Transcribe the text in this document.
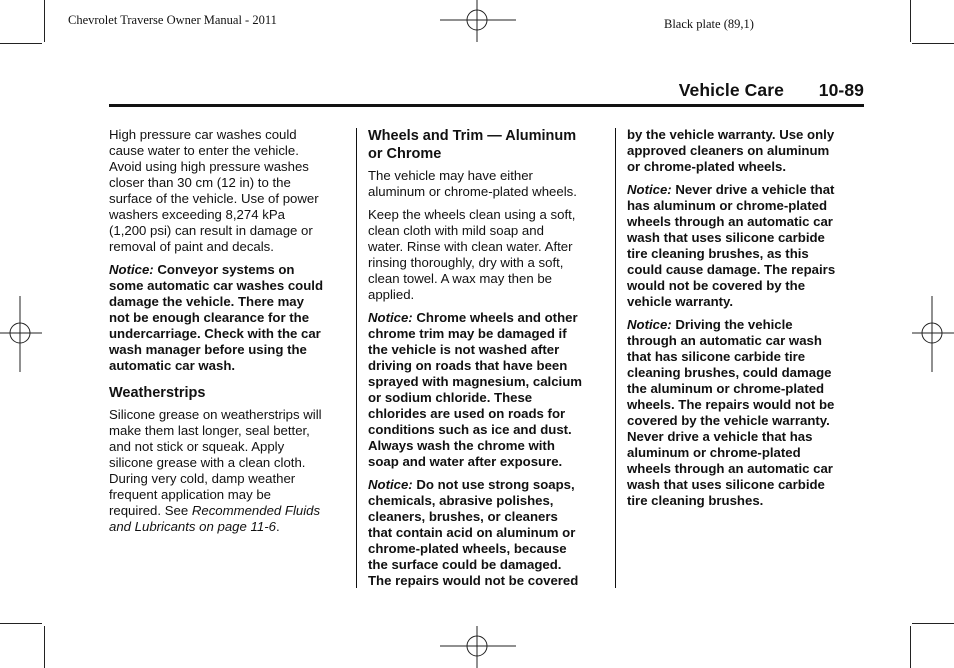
Chevrolet Traverse Owner Manual - 2011	Black plate (89,1)
Vehicle Care 10-89

High pressure car washes could
cause water to enter the vehicle.
Avoid using high pressure washes
closer than 30 cm (12 in) to the
surface of the vehicle. Use of power
washers exceeding 8,274 kPa
(1,200 psi) can result in damage or
removal of paint and decals.

Notice: Conveyor systems on
some automatic car washes could
damage the vehicle. There may
not be enough clearance for the
undercarriage. Check with the car
wash manager before using the
automatic car wash.

Weatherstrips

Silicone grease on weatherstrips will
make them last longer, seal better,
and not stick or squeak. Apply
silicone grease with a clean cloth.
During very cold, damp weather
frequent application may be
required. See Recommended Fluids
and Lubricants on page 11-6.

Wheels and Trim — Aluminum
or Chrome

The vehicle may have either
aluminum or chrome-plated wheels.

Keep the wheels clean using a soft,
clean cloth with mild soap and
water. Rinse with clean water. After
rinsing thoroughly, dry with a soft,
clean towel. A wax may then be
applied.

Notice: Chrome wheels and other
chrome trim may be damaged if
the vehicle is not washed after
driving on roads that have been
sprayed with magnesium, calcium
or sodium chloride. These
chlorides are used on roads for
conditions such as ice and dust.
Always wash the chrome with
soap and water after exposure.

Notice: Do not use strong soaps,
chemicals, abrasive polishes,
cleaners, brushes, or cleaners
that contain acid on aluminum or
chrome-plated wheels, because
the surface could be damaged.
The repairs would not be covered

by the vehicle warranty. Use only
approved cleaners on aluminum
or chrome-plated wheels.

Notice: Never drive a vehicle that
has aluminum or chrome-plated
wheels through an automatic car
wash that uses silicone carbide
tire cleaning brushes, as this
could cause damage. The repairs
would not be covered by the
vehicle warranty.

Notice: Driving the vehicle
through an automatic car wash
that has silicone carbide tire
cleaning brushes, could damage
the aluminum or chrome-plated
wheels. The repairs would not be
covered by the vehicle warranty.
Never drive a vehicle that has
aluminum or chrome-plated
wheels through an automatic car
wash that uses silicone carbide
tire cleaning brushes.
